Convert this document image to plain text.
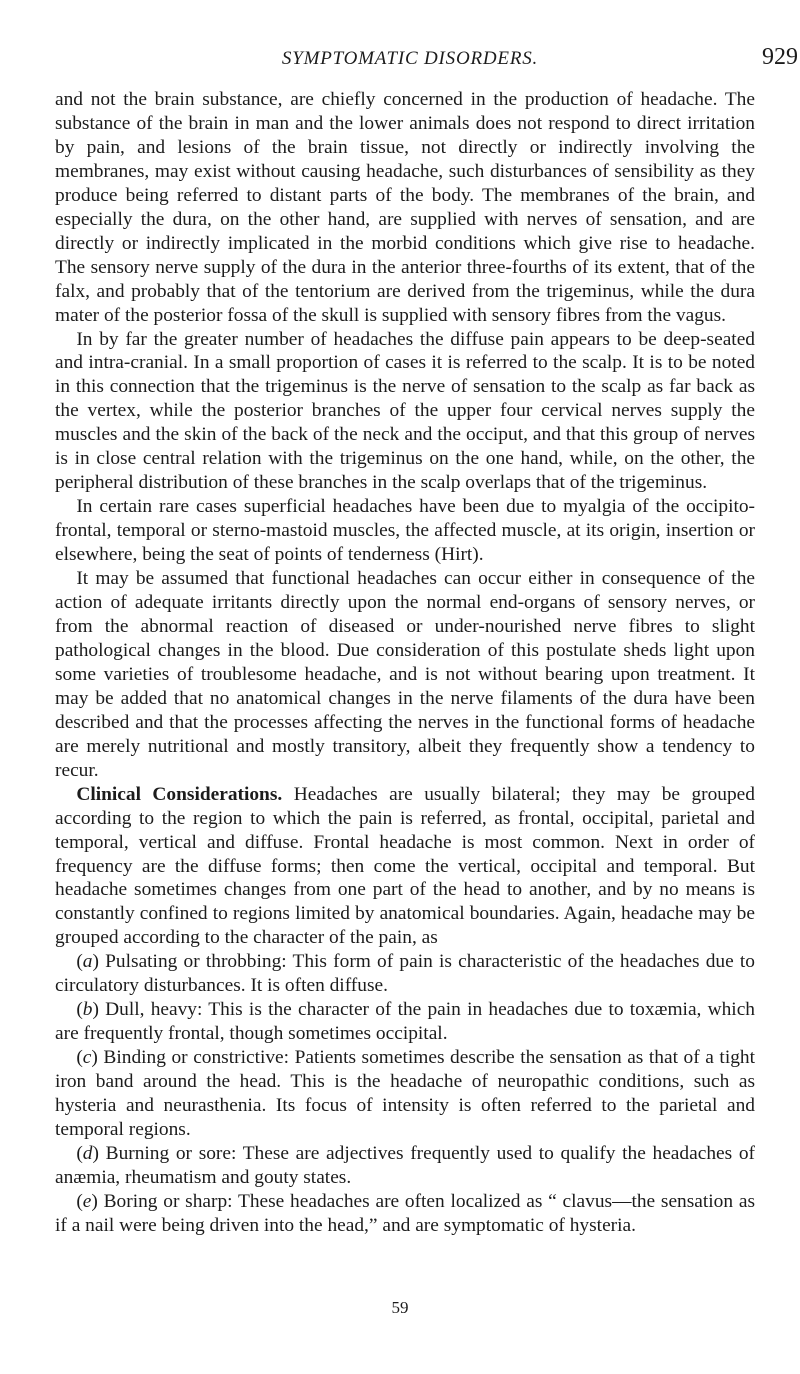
SYMPTOMATIC DISORDERS.	929

and not the brain substance, are chiefly concerned in the production of headache. The substance of the brain in man and the lower animals does not respond to direct irritation by pain, and lesions of the brain tissue, not directly or indirectly involving the membranes, may exist without causing headache, such disturbances of sensibility as they produce being referred to distant parts of the body. The membranes of the brain, and especially the dura, on the other hand, are supplied with nerves of sensation, and are directly or indirectly implicated in the morbid conditions which give rise to headache. The sensory nerve supply of the dura in the anterior three-fourths of its extent, that of the falx, and probably that of the tentorium are derived from the trigeminus, while the dura mater of the posterior fossa of the skull is supplied with sensory fibres from the vagus.

In by far the greater number of headaches the diffuse pain appears to be deep-seated and intra-cranial. In a small proportion of cases it is referred to the scalp. It is to be noted in this connection that the trigeminus is the nerve of sensation to the scalp as far back as the vertex, while the posterior branches of the upper four cervical nerves supply the muscles and the skin of the back of the neck and the occiput, and that this group of nerves is in close central relation with the trigeminus on the one hand, while, on the other, the peripheral distribution of these branches in the scalp overlaps that of the trigeminus.

In certain rare cases superficial headaches have been due to myalgia of the occipito-frontal, temporal or sterno-mastoid muscles, the affected muscle, at its origin, insertion or elsewhere, being the seat of points of tenderness (Hirt).

It may be assumed that functional headaches can occur either in consequence of the action of adequate irritants directly upon the normal end-organs of sensory nerves, or from the abnormal reaction of diseased or under-nourished nerve fibres to slight pathological changes in the blood. Due consideration of this postulate sheds light upon some varieties of troublesome headache, and is not without bearing upon treatment. It may be added that no anatomical changes in the nerve filaments of the dura have been described and that the processes affecting the nerves in the functional forms of headache are merely nutritional and mostly transitory, albeit they frequently show a tendency to recur.

Clinical Considerations. Headaches are usually bilateral; they may be grouped according to the region to which the pain is referred, as frontal, occipital, parietal and temporal, vertical and diffuse. Frontal headache is most common. Next in order of frequency are the diffuse forms; then come the vertical, occipital and temporal. But headache sometimes changes from one part of the head to another, and by no means is constantly confined to regions limited by anatomical boundaries. Again, headache may be grouped according to the character of the pain, as

(a) Pulsating or throbbing: This form of pain is characteristic of the headaches due to circulatory disturbances. It is often diffuse.

(b) Dull, heavy: This is the character of the pain in headaches due to toxæmia, which are frequently frontal, though sometimes occipital.

(c) Binding or constrictive: Patients sometimes describe the sensation as that of a tight iron band around the head. This is the headache of neuropathic conditions, such as hysteria and neurasthenia. Its focus of intensity is often referred to the parietal and temporal regions.

(d) Burning or sore: These are adjectives frequently used to qualify the headaches of anæmia, rheumatism and gouty states.

(e) Boring or sharp: These headaches are often localized as “ clavus—the sensation as if a nail were being driven into the head,” and are symptomatic of hysteria.

59
